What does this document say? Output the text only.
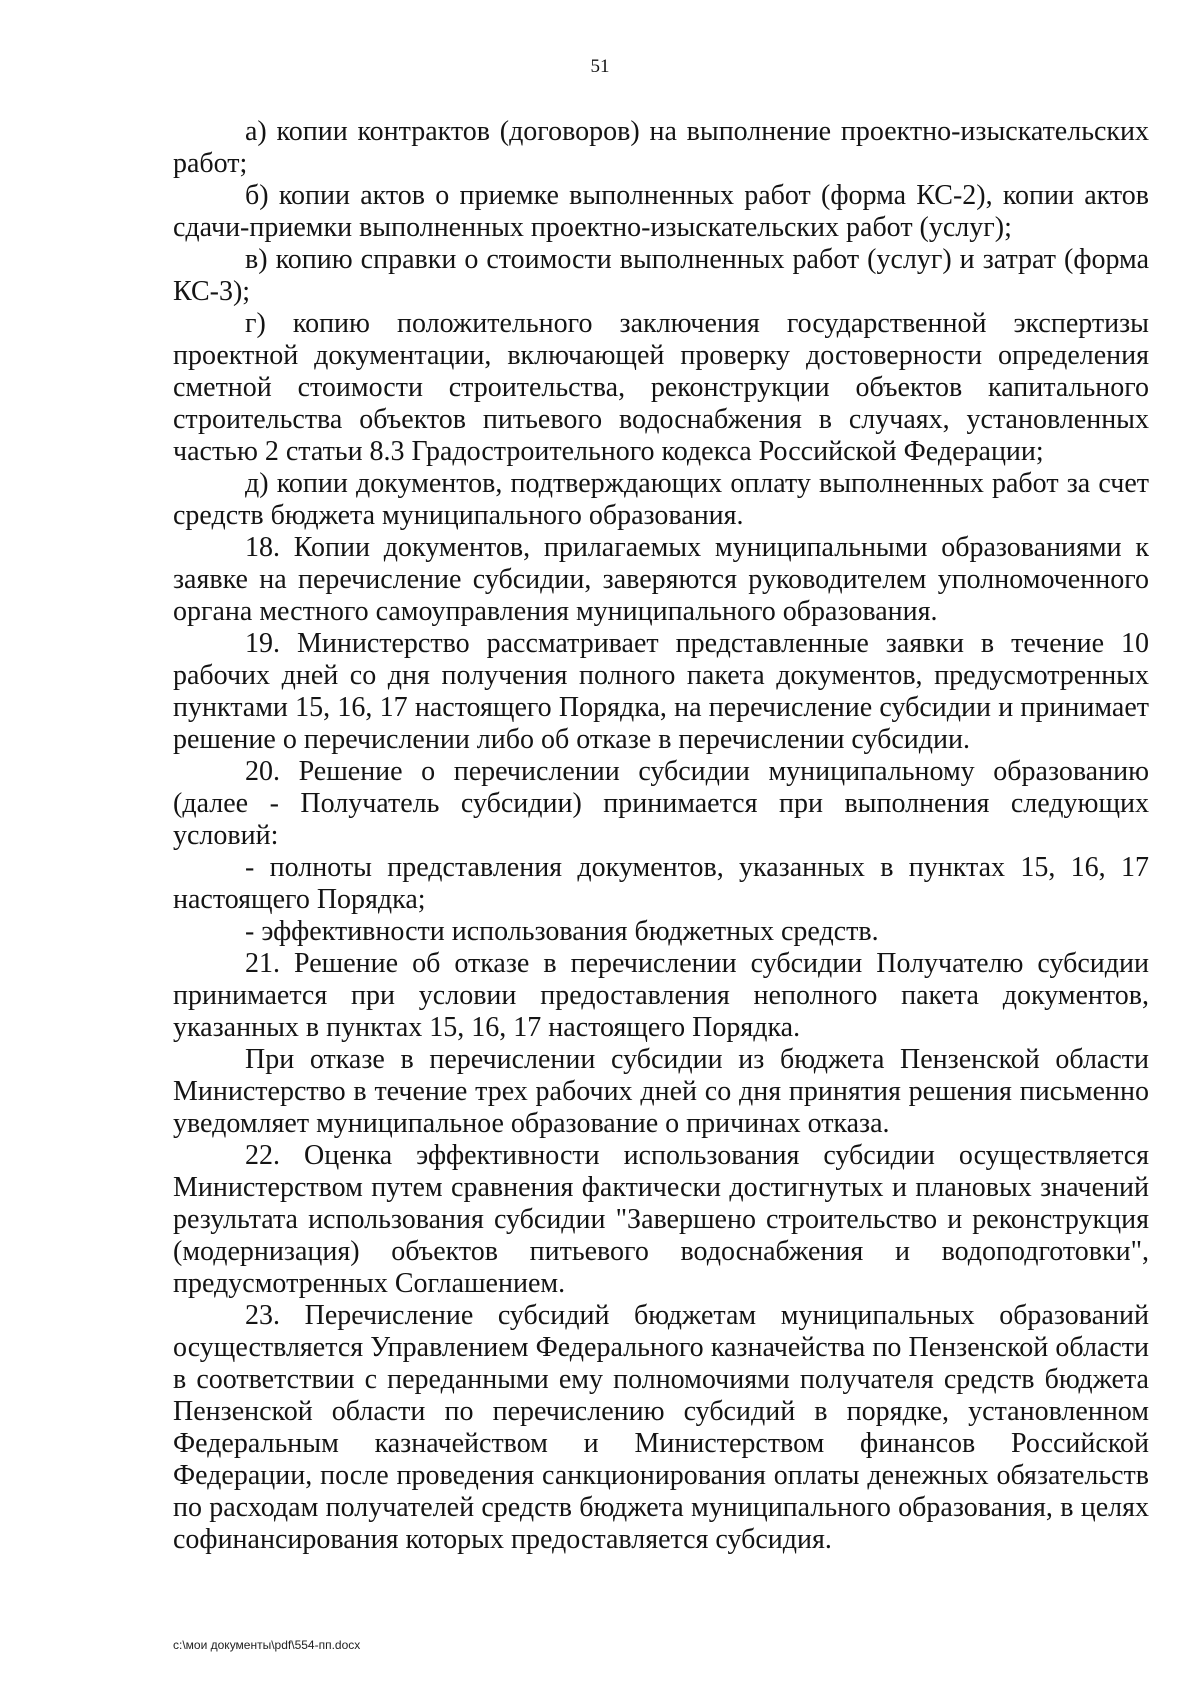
51

а) копии контрактов (договоров) на выполнение проектно-изыскательских работ;

б) копии актов о приемке выполненных работ (форма КС-2), копии актов сдачи-приемки выполненных проектно-изыскательских работ (услуг);

в) копию справки о стоимости выполненных работ (услуг) и затрат (форма КС-3);

г) копию положительного заключения государственной экспертизы проектной документации, включающей проверку достоверности определения сметной стоимости строительства, реконструкции объектов капитального строительства объектов питьевого водоснабжения в случаях, установленных частью 2 статьи 8.3 Градостроительного кодекса Российской Федерации;

д) копии документов, подтверждающих оплату выполненных работ за счет средств бюджета муниципального образования.

18. Копии документов, прилагаемых муниципальными образованиями к заявке на перечисление субсидии, заверяются руководителем уполномоченного органа местного самоуправления муниципального образования.

19. Министерство рассматривает представленные заявки в течение 10 рабочих дней со дня получения полного пакета документов, предусмотренных пунктами 15, 16, 17 настоящего Порядка, на перечисление субсидии и принимает решение о перечислении либо об отказе в перечислении субсидии.

20. Решение о перечислении субсидии муниципальному образованию (далее - Получатель субсидии) принимается при выполнения следующих условий:

- полноты представления документов, указанных в пунктах 15, 16, 17 настоящего Порядка;

- эффективности использования бюджетных средств.

21. Решение об отказе в перечислении субсидии Получателю субсидии принимается при условии предоставления неполного пакета документов, указанных в пунктах 15, 16, 17 настоящего Порядка.

При отказе в перечислении субсидии из бюджета Пензенской области Министерство в течение трех рабочих дней со дня принятия решения письменно уведомляет муниципальное образование о причинах отказа.

22. Оценка эффективности использования субсидии осуществляется Министерством путем сравнения фактически достигнутых и плановых значений результата использования субсидии "Завершено строительство и реконструкция (модернизация) объектов питьевого водоснабжения и водоподготовки", предусмотренных Соглашением.

23. Перечисление субсидий бюджетам муниципальных образований осуществляется Управлением Федерального казначейства по Пензенской области в соответствии с переданными ему полномочиями получателя средств бюджета Пензенской области по перечислению субсидий в порядке, установленном Федеральным казначейством и Министерством финансов Российской Федерации, после проведения санкционирования оплаты денежных обязательств по расходам получателей средств бюджета муниципального образования, в целях софинансирования которых предоставляется субсидия.

c:\мои документы\pdf\554-пп.docx
